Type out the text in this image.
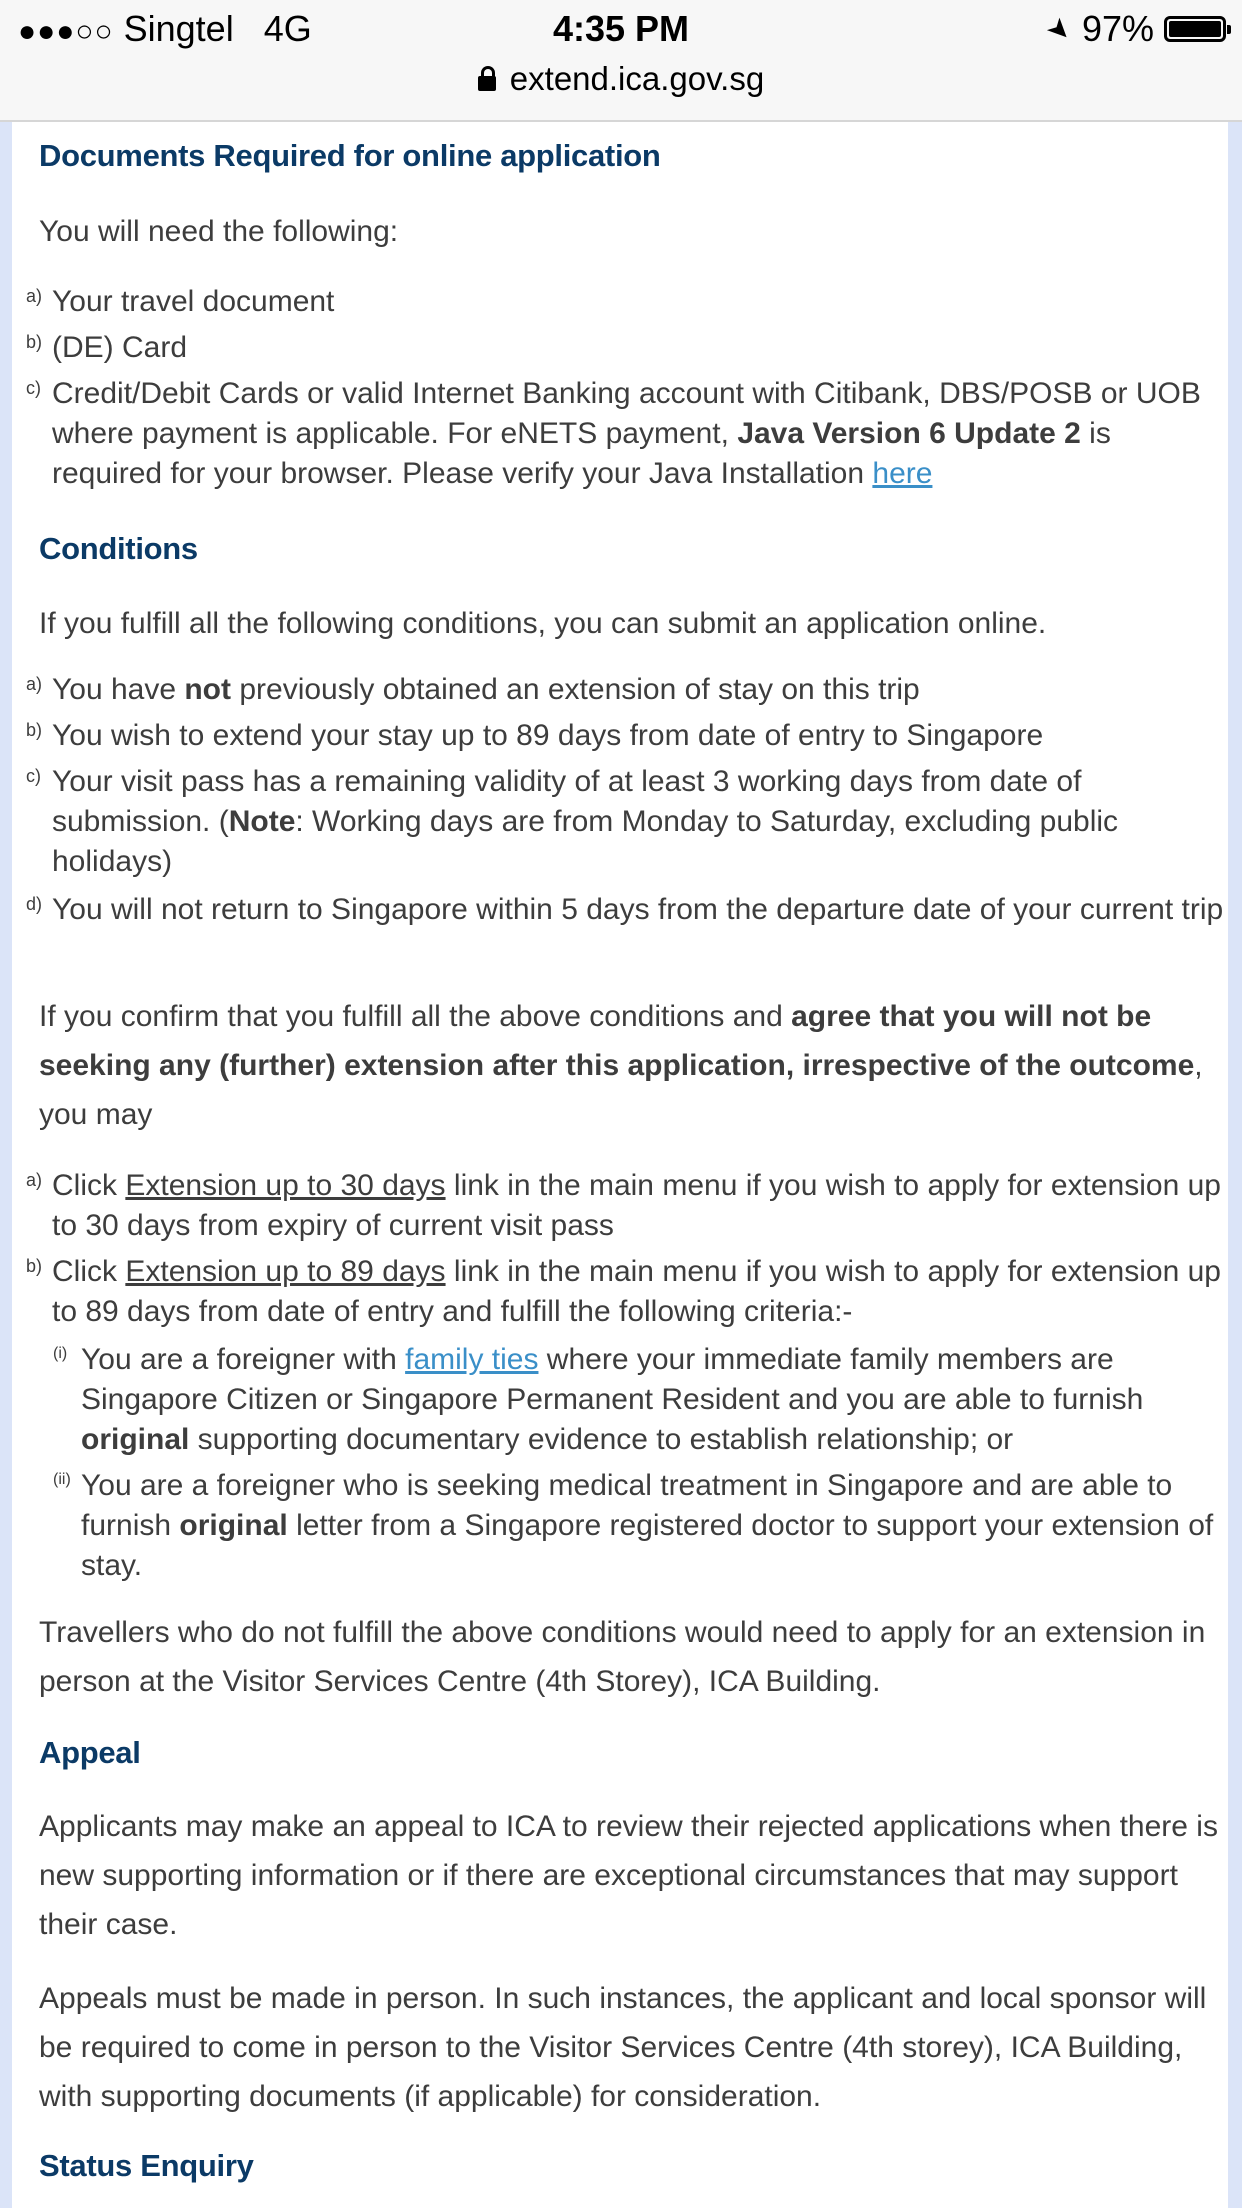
●●●○○ Singtel 4G	4:35 PM	➤ 97%
extend.ica.gov.sg
Documents Required for online application

You will need the following:

a) Your travel document
b) (DE) Card
c) Credit/Debit Cards or valid Internet Banking account with Citibank, DBS/POSB or UOB where payment is applicable. For eNETS payment, Java Version 6 Update 2 is required for your browser. Please verify your Java Installation here
Conditions

If you fulfill all the following conditions, you can submit an application online.

a) You have not previously obtained an extension of stay on this trip
b) You wish to extend your stay up to 89 days from date of entry to Singapore
c) Your visit pass has a remaining validity of at least 3 working days from date of submission. (Note: Working days are from Monday to Saturday, excluding public holidays)
d) You will not return to Singapore within 5 days from the departure date of your current trip

If you confirm that you fulfill all the above conditions and agree that you will not be seeking any (further) extension after this application, irrespective of the outcome, you may

a) Click Extension up to 30 days link in the main menu if you wish to apply for extension up to 30 days from expiry of current visit pass
b) Click Extension up to 89 days link in the main menu if you wish to apply for extension up to 89 days from date of entry and fulfill the following criteria:-
(i) You are a foreigner with family ties where your immediate family members are Singapore Citizen or Singapore Permanent Resident and you are able to furnish original supporting documentary evidence to establish relationship; or
(ii) You are a foreigner who is seeking medical treatment in Singapore and are able to furnish original letter from a Singapore registered doctor to support your extension of stay.

Travellers who do not fulfill the above conditions would need to apply for an extension in person at the Visitor Services Centre (4th Storey), ICA Building.

Appeal

Applicants may make an appeal to ICA to review their rejected applications when there is new supporting information or if there are exceptional circumstances that may support their case.

Appeals must be made in person. In such instances, the applicant and local sponsor will be required to come in person to the Visitor Services Centre (4th storey), ICA Building, with supporting documents (if applicable) for consideration.

Status Enquiry
